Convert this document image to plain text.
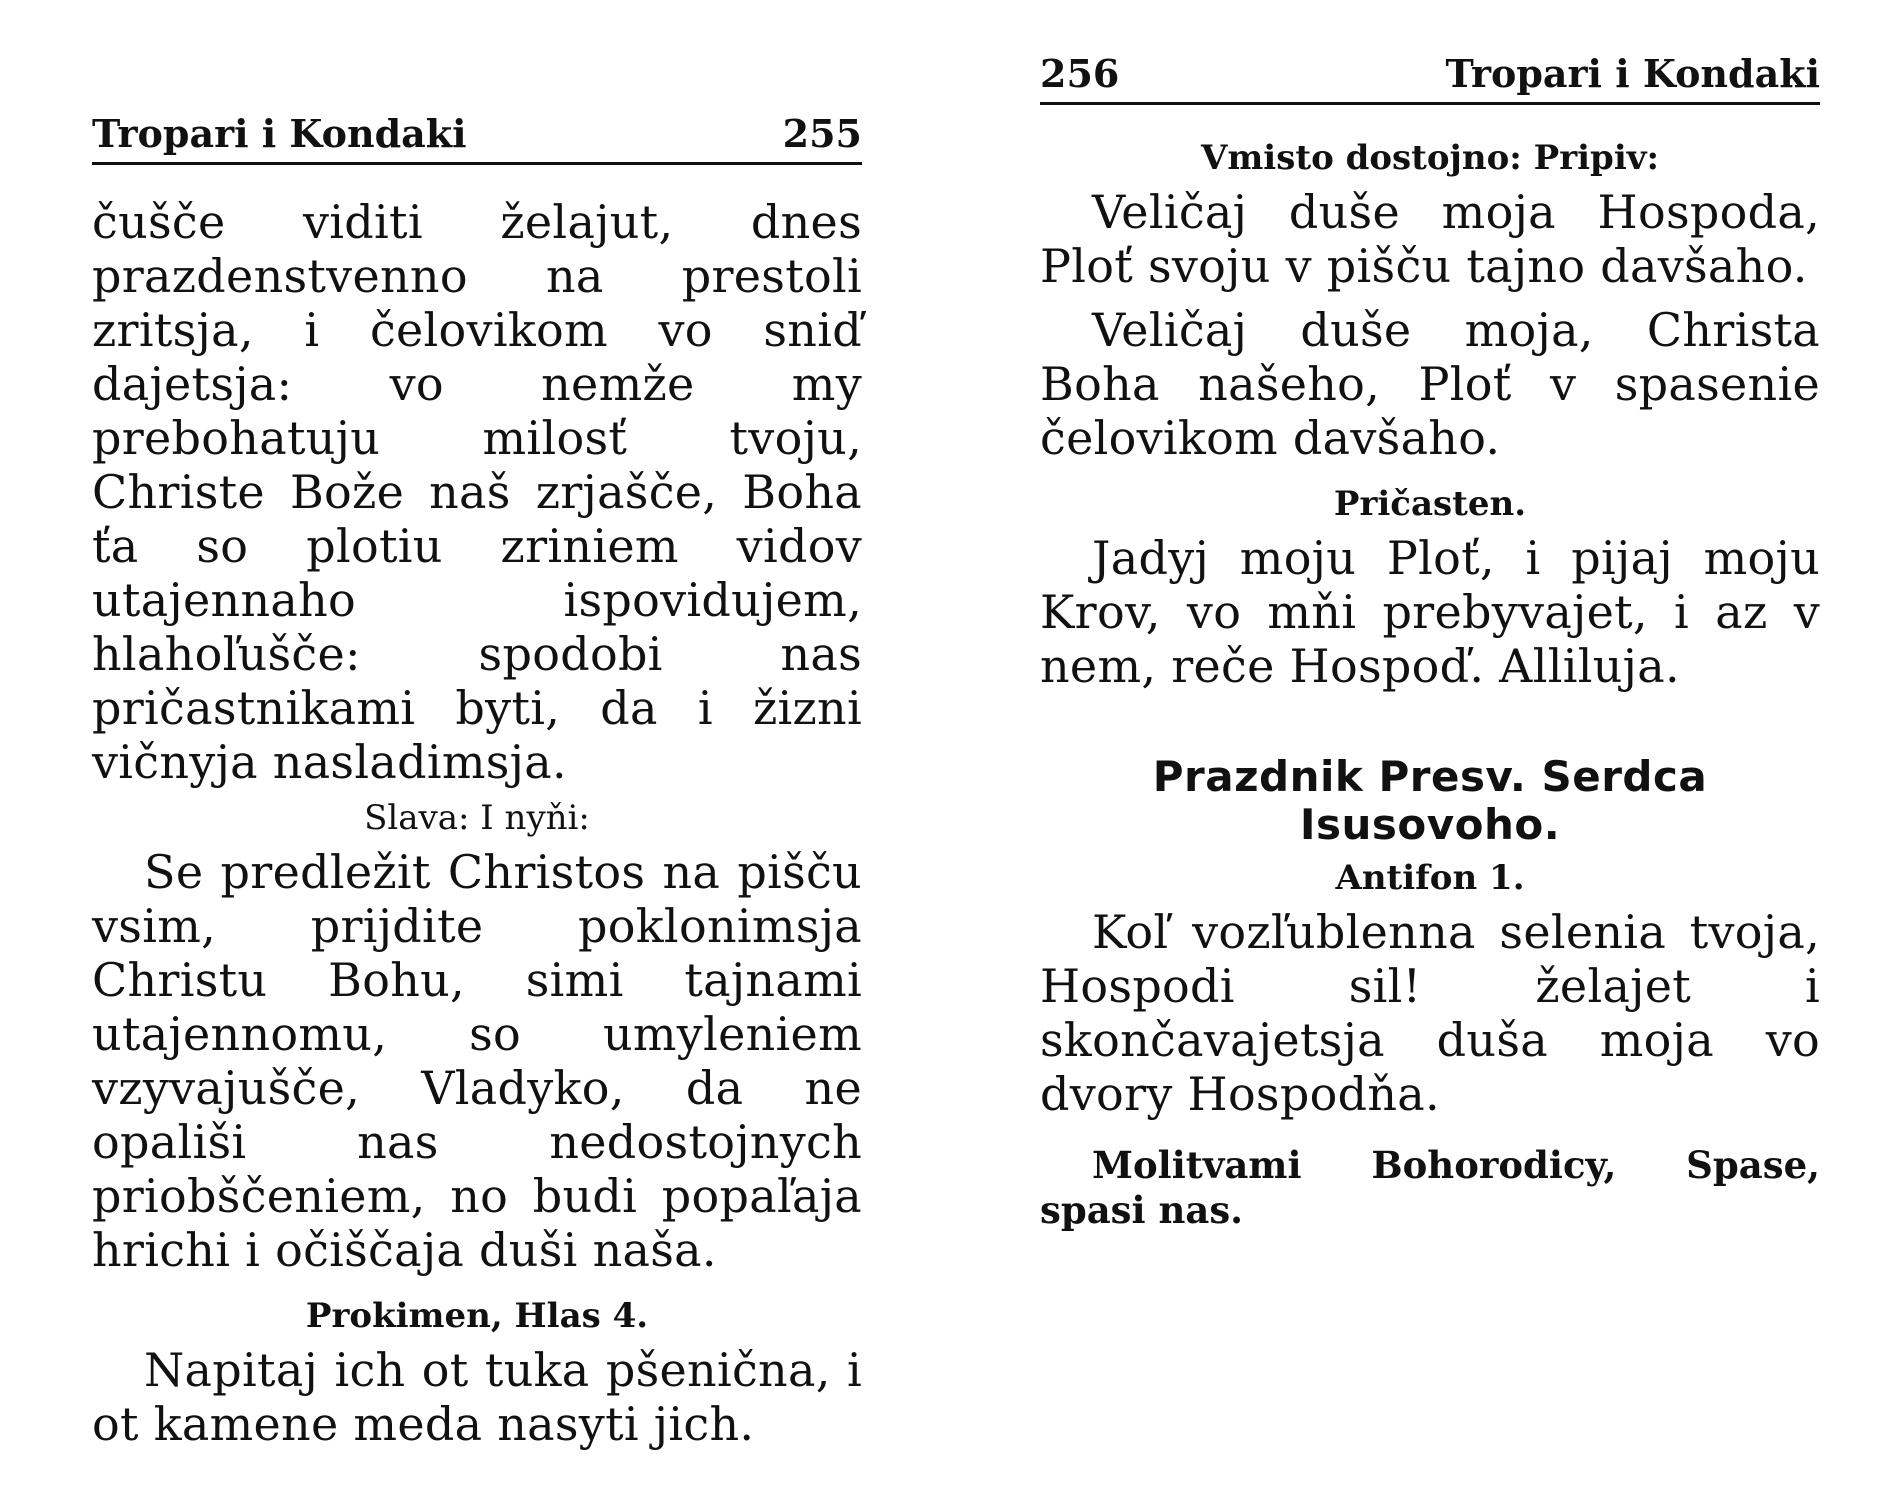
Tropari i Kondaki	255

čušče viditi želajut, dnes prazdenstvenno na prestoli zritsja, i čelovikom vo sniď dajetsja: vo nemže my prebohatuju milosť tvoju, Christe Bože naš zrjašče, Boha ťa so plotiu zriniem vidov utajennaho ispovidujem, hlahoľušče: spodobi nas pričastnikami byti, da i žizni vičnyja nasladimsja.

Slava: I nyňi:

Se predležit Christos na pišču vsim, prijdite poklonimsja Christu Bohu, simi tajnami utajennomu, so umyleniem vzyvajušče, Vladyko, da ne opališi nas nedostojnych priobščeniem, no budi popaľaja hrichi i očiščaja duši naša.

Prokimen, Hlas 4.

Napitaj ich ot tuka pšenična, i ot kamene meda nasyti jich.

256	Tropari i Kondaki
Vmisto dostojno: Pripiv:

Veličaj duše moja Hospoda, Ploť svoju v pišču tajno davšaho.

Veličaj duše moja, Christa Boha našeho, Ploť v spasenie čelovikom davšaho.

Pričasten.

Jadyj moju Ploť, i pijaj moju Krov, vo mňi prebyvajet, i az v nem, reče Hospoď. Alliluja.

Prazdnik Presv. Serdca Isusovoho.
Antifon 1.

Koľ vozľublenna selenia tvoja, Hospodi sil! želajet i skončavajetsja duša moja vo dvory Hospodňa.

Molitvami Bohorodicy, Spase, spasi nas.
